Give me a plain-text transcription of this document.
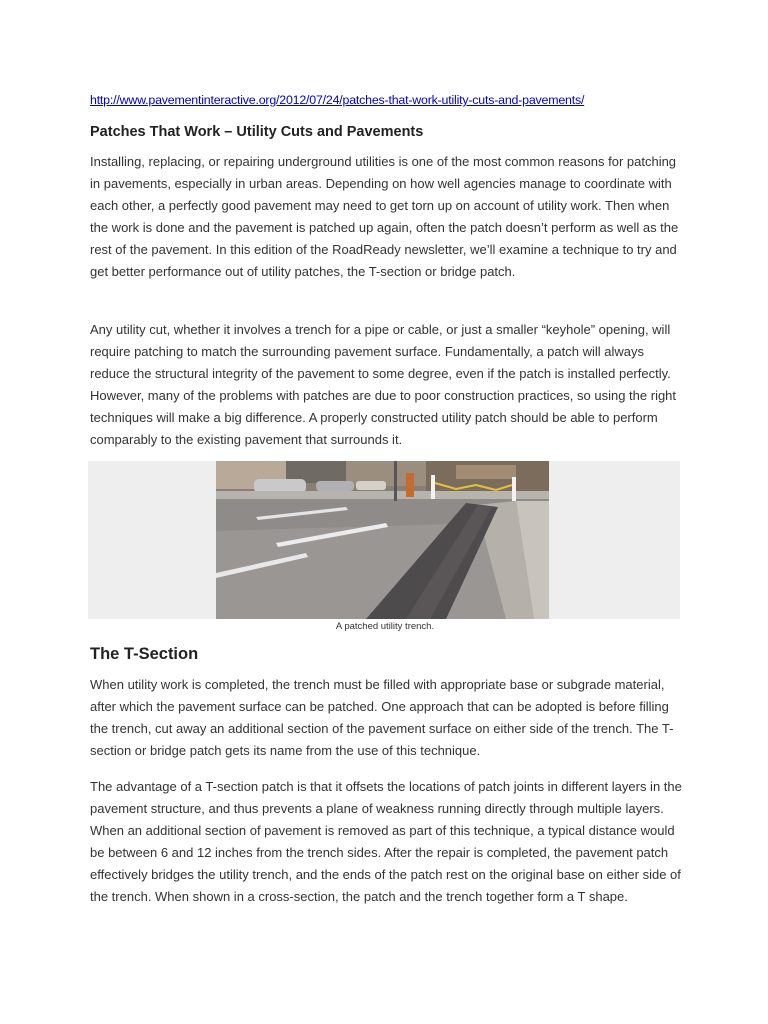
http://www.pavementinteractive.org/2012/07/24/patches-that-work-utility-cuts-and-pavements/
Patches That Work – Utility Cuts and Pavements
Installing, replacing, or repairing underground utilities is one of the most common reasons for patching in pavements, especially in urban areas. Depending on how well agencies manage to coordinate with each other, a perfectly good pavement may need to get torn up on account of utility work. Then when the work is done and the pavement is patched up again, often the patch doesn’t perform as well as the rest of the pavement. In this edition of the RoadReady newsletter, we’ll examine a technique to try and get better performance out of utility patches, the T-section or bridge patch.
Any utility cut, whether it involves a trench for a pipe or cable, or just a smaller “keyhole” opening, will require patching to match the surrounding pavement surface. Fundamentally, a patch will always reduce the structural integrity of the pavement to some degree, even if the patch is installed perfectly. However, many of the problems with patches are due to poor construction practices, so using the right techniques will make a big difference. A properly constructed utility patch should be able to perform comparably to the existing pavement that surrounds it.
A patched utility trench.
The T-Section
When utility work is completed, the trench must be filled with appropriate base or subgrade material, after which the pavement surface can be patched. One approach that can be adopted is before filling the trench, cut away an additional section of the pavement surface on either side of the trench. The T-section or bridge patch gets its name from the use of this technique.
The advantage of a T-section patch is that it offsets the locations of patch joints in different layers in the pavement structure, and thus prevents a plane of weakness running directly through multiple layers. When an additional section of pavement is removed as part of this technique, a typical distance would be between 6 and 12 inches from the trench sides. After the repair is completed, the pavement patch effectively bridges the utility trench, and the ends of the patch rest on the original base on either side of the trench. When shown in a cross-section, the patch and the trench together form a T shape.
